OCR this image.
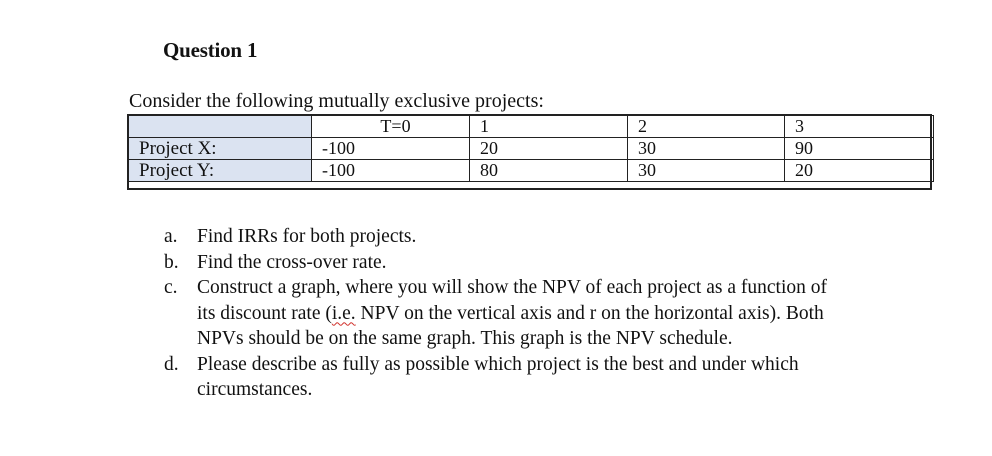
Question 1
Consider the following mutually exclusive projects:
	T=0	1	2	3
Project X:	-100	20	30	90
Project Y:	-100	80	30	20
a. Find IRRs for both projects.
b. Find the cross-over rate.
c. Construct a graph, where you will show the NPV of each project as a function of its discount rate (i.e. NPV on the vertical axis and r on the horizontal axis). Both NPVs should be on the same graph. This graph is the NPV schedule.
d. Please describe as fully as possible which project is the best and under which circumstances.
